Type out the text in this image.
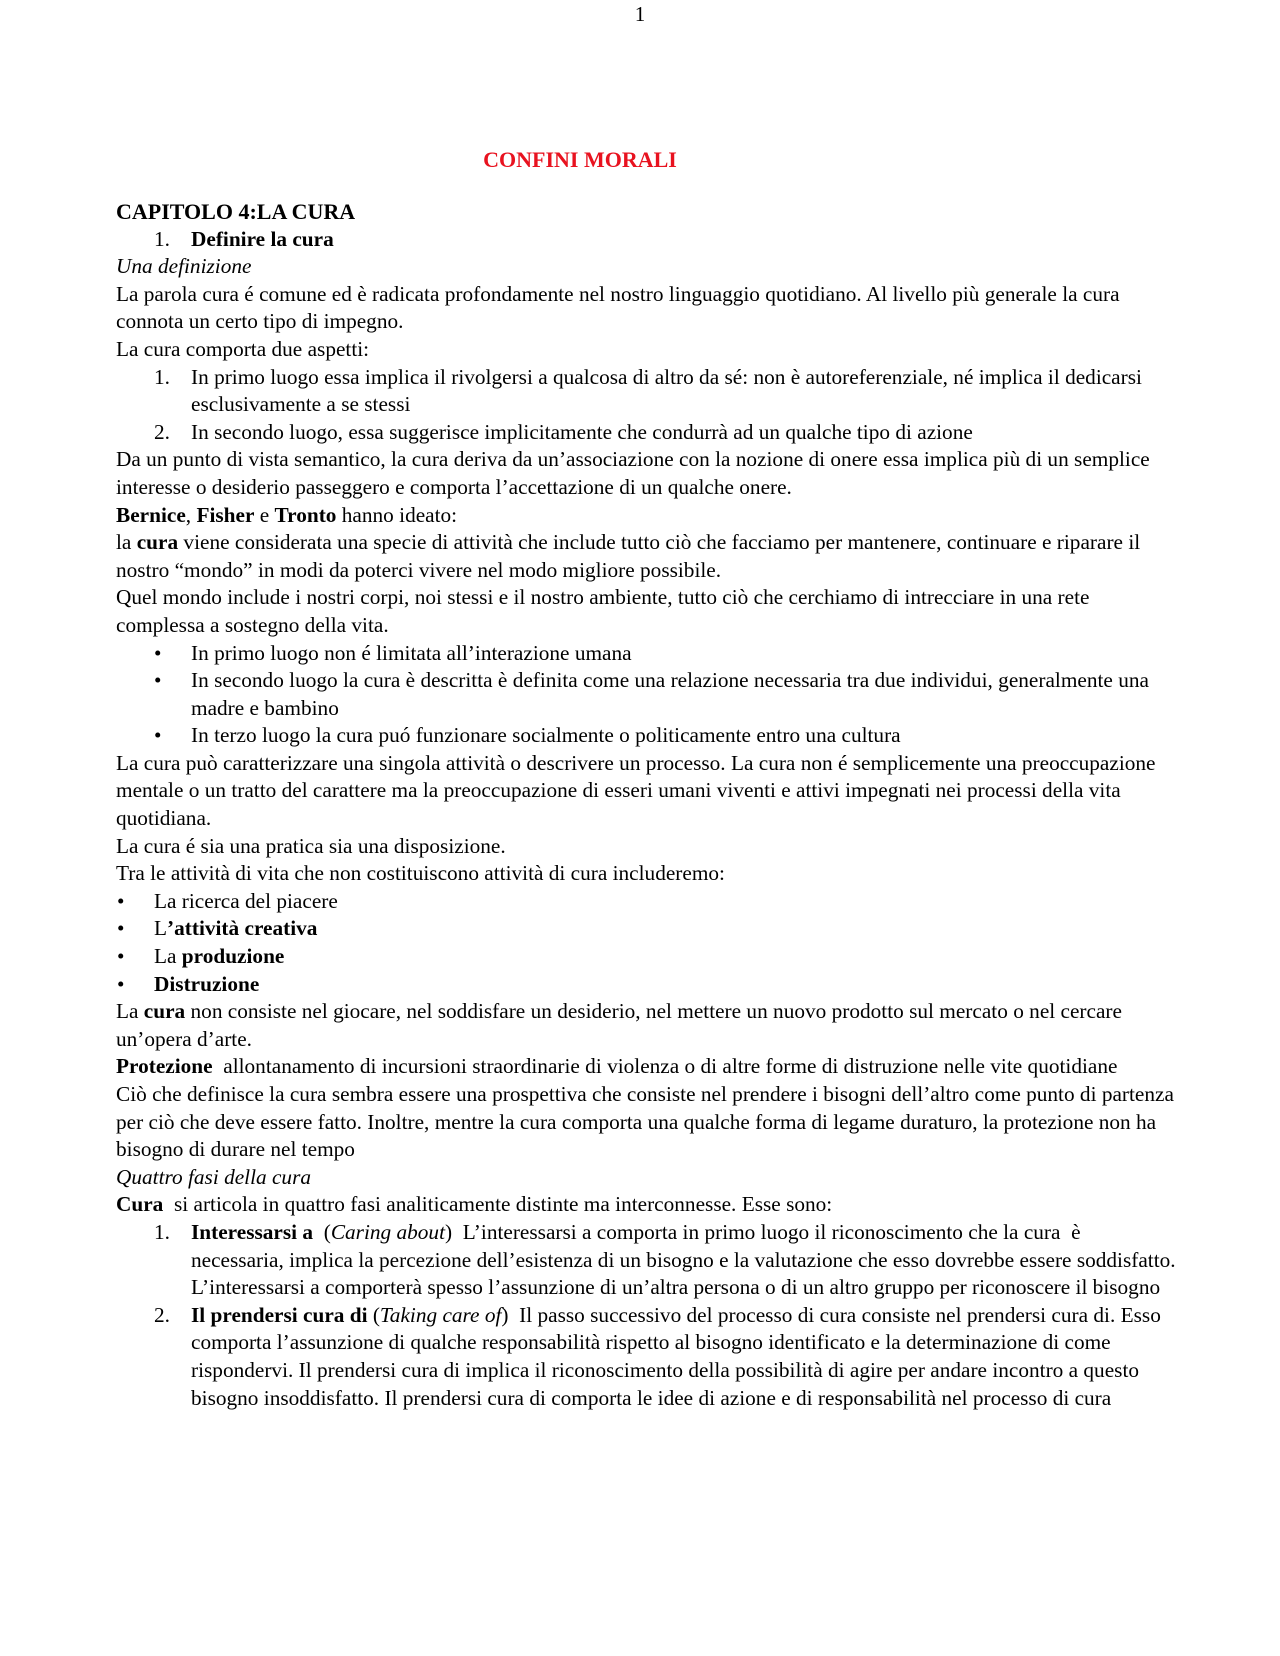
1
CONFINI MORALI

CAPITOLO 4:LA CURA

1. Definire la cura

Una definizione

La parola cura é comune ed è radicata profondamente nel nostro linguaggio quotidiano. Al livello più generale la cura connota un certo tipo di impegno.

La cura comporta due aspetti:

1. In primo luogo essa implica il rivolgersi a qualcosa di altro da sé: non è autoreferenziale, né implica il dedicarsi esclusivamente a se stessi
2. In secondo luogo, essa suggerisce implicitamente che condurrà ad un qualche tipo di azione

Da un punto di vista semantico, la cura deriva da un’associazione con la nozione di onere essa implica più di un semplice interesse o desiderio passeggero e comporta l’accettazione di un qualche onere.

Bernice, Fisher e Tronto hanno ideato:

la cura viene considerata una specie di attività che include tutto ciò che facciamo per mantenere, continuare e riparare il nostro “mondo” in modi da poterci vivere nel modo migliore possibile.

Quel mondo include i nostri corpi, noi stessi e il nostro ambiente, tutto ciò che cerchiamo di intrecciare in una rete complessa a sostegno della vita.

• In primo luogo non é limitata all’interazione umana
• In secondo luogo la cura è descritta è definita come una relazione necessaria tra due individui, generalmente una madre e bambino
• In terzo luogo la cura puó funzionare socialmente o politicamente entro una cultura

La cura può caratterizzare una singola attività o descrivere un processo. La cura non é semplicemente una preoccupazione mentale o un tratto del carattere ma la preoccupazione di esseri umani viventi e attivi impegnati nei processi della vita quotidiana.

La cura é sia una pratica sia una disposizione.

Tra le attività di vita che non costituiscono attività di cura includeremo:

• La ricerca del piacere
• L’attività creativa
• La produzione
• Distruzione

La cura non consiste nel giocare, nel soddisfare un desiderio, nel mettere un nuovo prodotto sul mercato o nel cercare un’opera d’arte.

Protezione  allontanamento di incursioni straordinarie di violenza o di altre forme di distruzione nelle vite quotidiane

Ciò che definisce la cura sembra essere una prospettiva che consiste nel prendere i bisogni dell’altro come punto di partenza per ciò che deve essere fatto. Inoltre, mentre la cura comporta una qualche forma di legame duraturo, la protezione non ha bisogno di durare nel tempo

Quattro fasi della cura

Cura  si articola in quattro fasi analiticamente distinte ma interconnesse. Esse sono:

1. Interessarsi a  (Caring about)  L’interessarsi a comporta in primo luogo il riconoscimento che la cura  è necessaria, implica la percezione dell’esistenza di un bisogno e la valutazione che esso dovrebbe essere soddisfatto. L’interessarsi a comporterà spesso l’assunzione di un’altra persona o di un altro gruppo per riconoscere il bisogno
2. Il prendersi cura di (Taking care of)  Il passo successivo del processo di cura consiste nel prendersi cura di. Esso comporta l’assunzione di qualche responsabilità rispetto al bisogno identificato e la determinazione di come rispondervi. Il prendersi cura di implica il riconoscimento della possibilità di agire per andare incontro a questo bisogno insoddisfatto. Il prendersi cura di comporta le idee di azione e di responsabilità nel processo di cura
